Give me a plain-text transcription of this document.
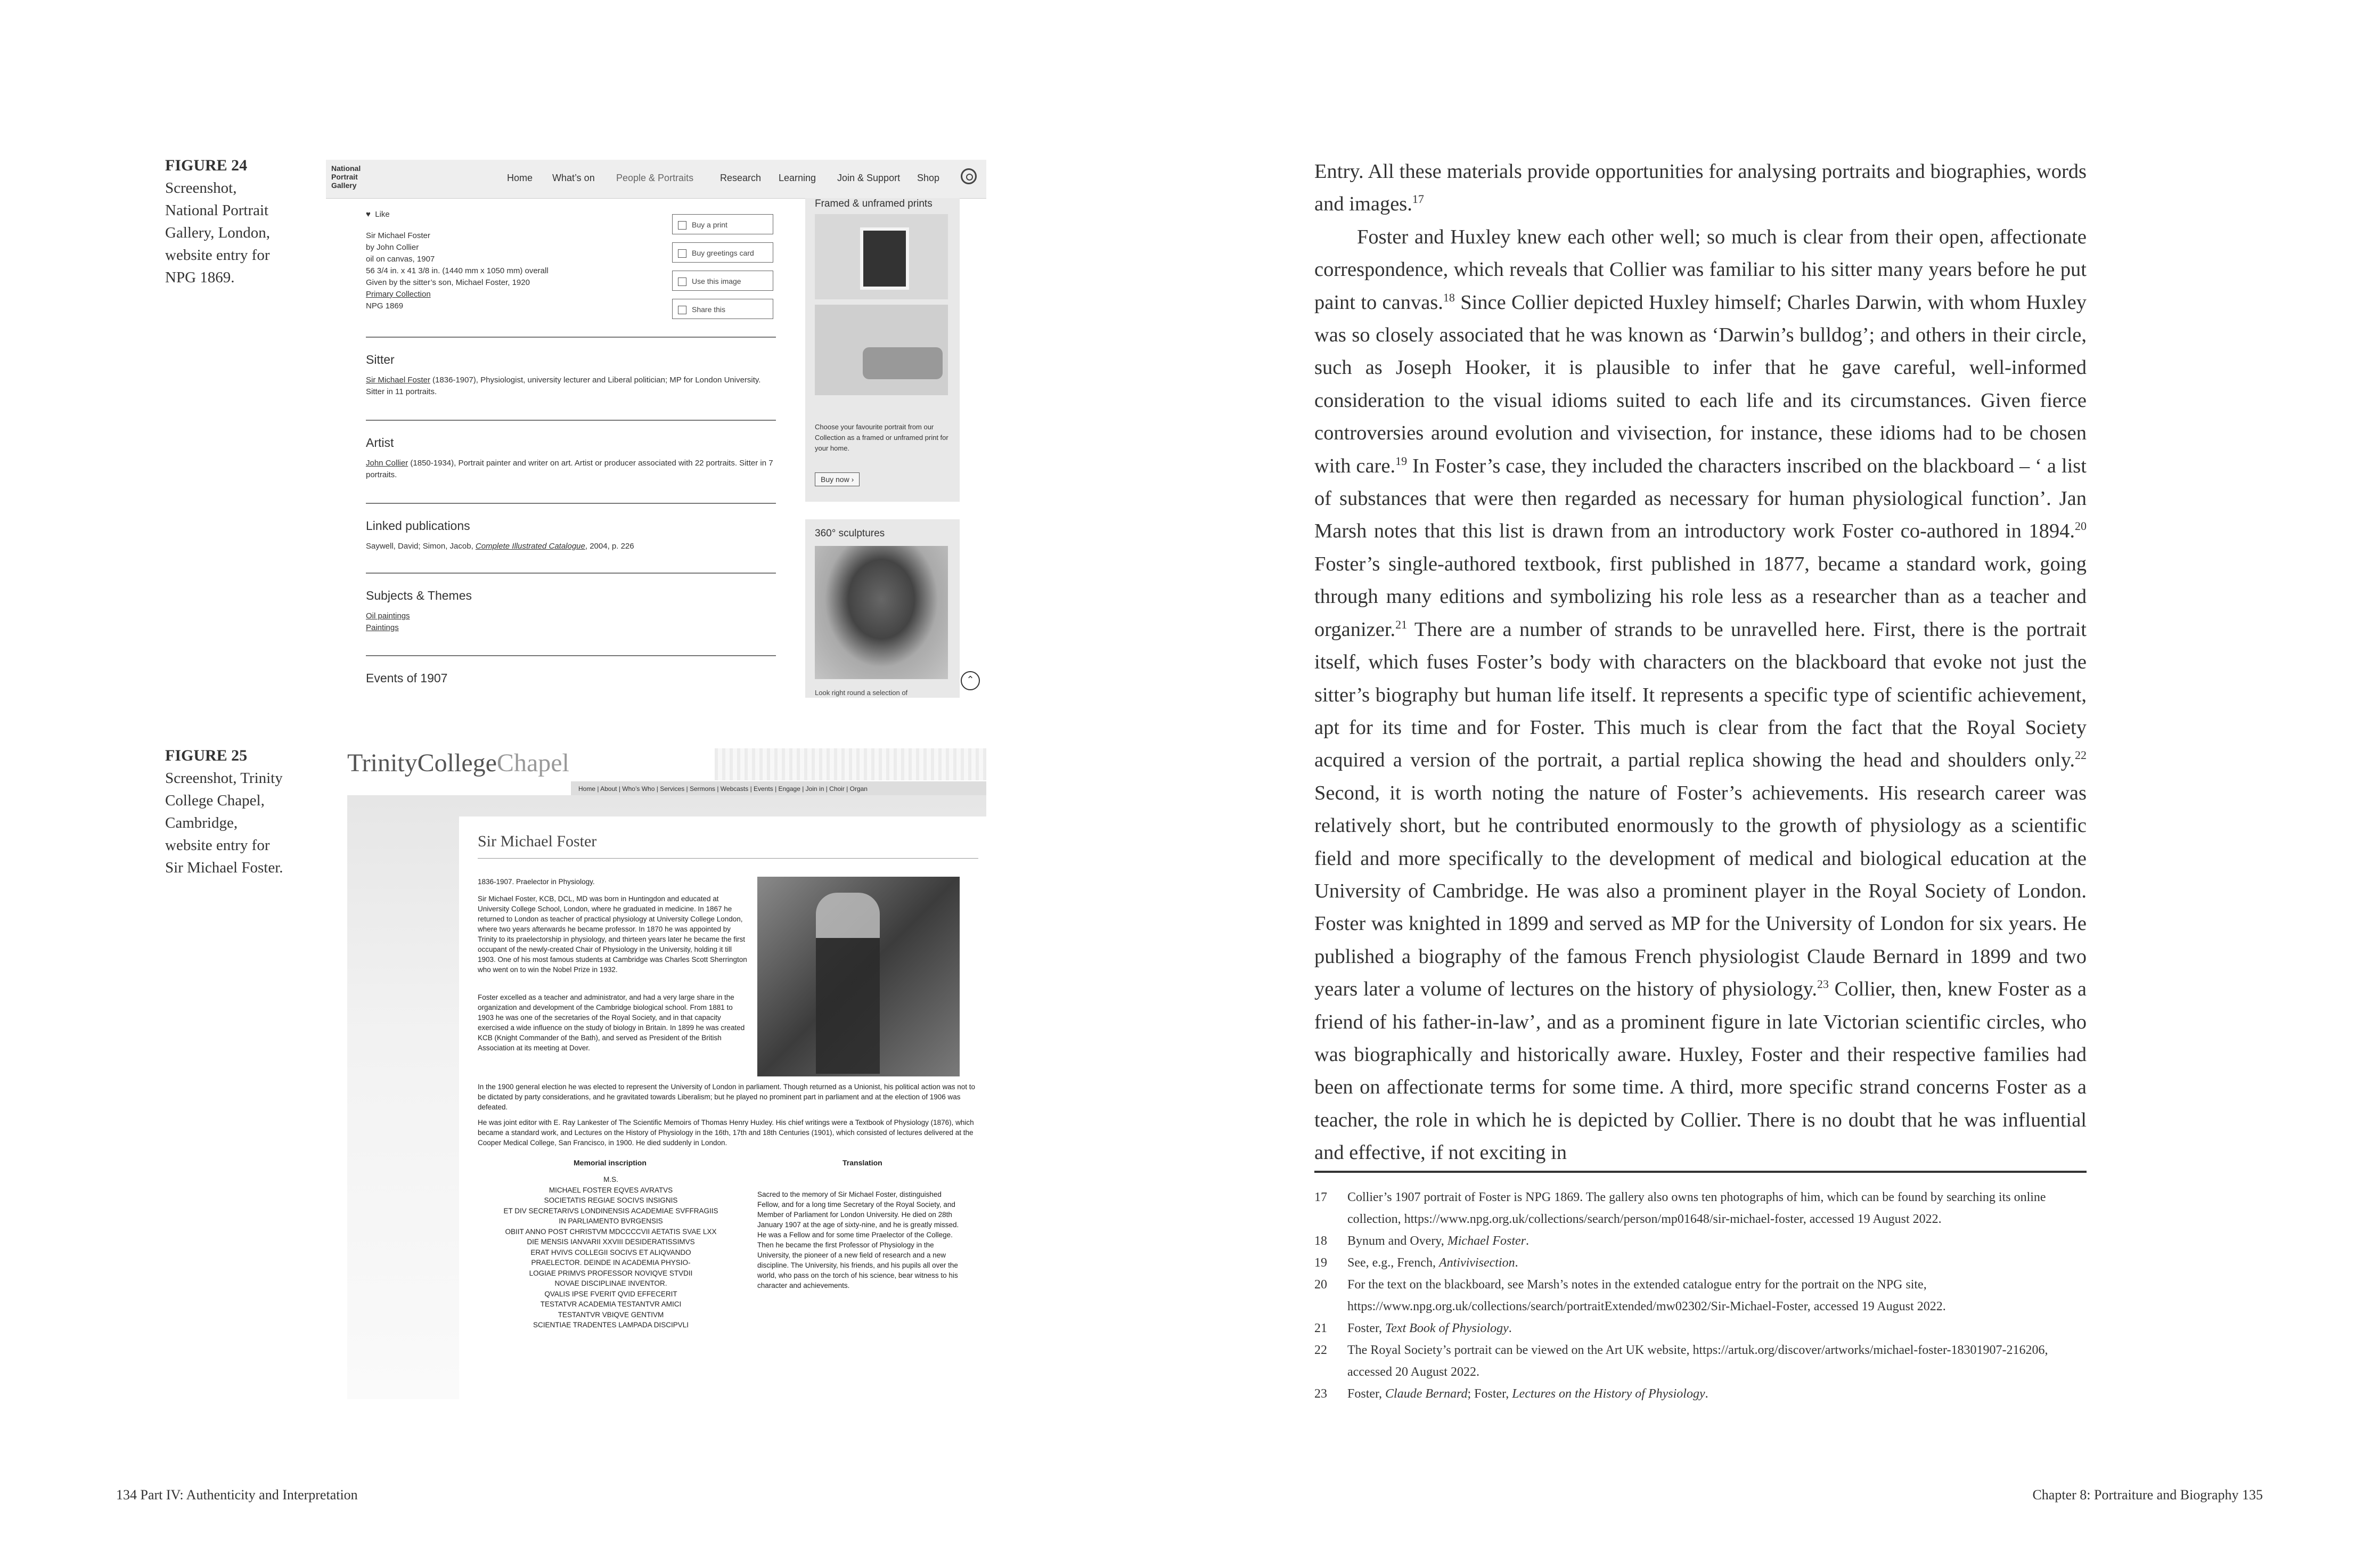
FIGURE 24
Screenshot,
National Portrait
Gallery, London,
website entry for
NPG 1869.
FIGURE 25
Screenshot, Trinity
College Chapel,
Cambridge,
website entry for
Sir Michael Foster.
National Portrait Gallery
Home What’s on People & Portraits	Research Learning Join & Support Shop
♥ Like
Sir Michael Foster
by John Collier
oil on canvas, 1907
56 3/4 in. x 41 3/8 in. (1440 mm x 1050 mm) overall
Given by the sitter’s son, Michael Foster, 1920
Primary Collection
NPG 1869
Buy a print
Buy greetings card
Use this image
Share this
Sitter
Sir Michael Foster (1836-1907), Physiologist, university lecturer and Liberal politician; MP for London University. Sitter in 11 portraits.
Artist
John Collier (1850-1934), Portrait painter and writer on art. Artist or producer associated with 22 portraits. Sitter in 7 portraits.
Linked publications
Saywell, David; Simon, Jacob, Complete Illustrated Catalogue, 2004, p. 226
Subjects & Themes
Oil paintings
Paintings
Events of 1907
Framed & unframed prints
Choose your favourite portrait from our Collection as a framed or unframed print for your home.
Buy now ›
360° sculptures
Look right round a selection of
⌃
TrinityCollegeChapel
Home | About | Who’s Who | Services | Sermons | Webcasts | Events | Engage | Join in | Choir | Organ
Sir Michael Foster

1836-1907. Praelector in Physiology.

Sir Michael Foster, KCB, DCL, MD was born in Huntingdon and educated at University College School, London, where he graduated in medicine. In 1867 he returned to London as teacher of practical physiology at University College London, where two years afterwards he became professor. In 1870 he was appointed by Trinity to its praelectorship in physiology, and thirteen years later he became the first occupant of the newly-created Chair of Physiology in the University, holding it till 1903. One of his most famous students at Cambridge was Charles Scott Sherrington who went on to win the Nobel Prize in 1932.

Foster excelled as a teacher and administrator, and had a very large share in the organization and development of the Cambridge biological school. From 1881 to 1903 he was one of the secretaries of the Royal Society, and in that capacity exercised a wide influence on the study of biology in Britain. In 1899 he was created KCB (Knight Commander of the Bath), and served as President of the British Association at its meeting at Dover.

In the 1900 general election he was elected to represent the University of London in parliament. Though returned as a Unionist, his political action was not to be dictated by party considerations, and he gravitated towards Liberalism; but he played no prominent part in parliament and at the election of 1906 was defeated.

He was joint editor with E. Ray Lankester of The Scientific Memoirs of Thomas Henry Huxley. His chief writings were a Textbook of Physiology (1876), which became a standard work, and Lectures on the History of Physiology in the 16th, 17th and 18th Centuries (1901), which consisted of lectures delivered at the Cooper Medical College, San Francisco, in 1900. He died suddenly in London.

Memorial inscription	Translation
M.S.
MICHAEL FOSTER EQVES AVRATVS
SOCIETATIS REGIAE SOCIVS INSIGNIS
ET DIV SECRETARIVS LONDINENSIS ACADEMIAE SVFFRAGIIS
IN PARLIAMENTO BVRGENSIS
OBIIT ANNO POST CHRISTVM MDCCCCVII AETATIS SVAE LXX
DIE MENSIS IANVARII XXVIII DESIDERATISSIMVS
ERAT HVIVS COLLEGII SOCIVS ET ALIQVANDO
PRAELECTOR. DEINDE IN ACADEMIA PHYSIO-
LOGIAE PRIMVS PROFESSOR NOVIQVE STVDII
NOVAE DISCIPLINAE INVENTOR.
QVALIS IPSE FVERIT QVID EFFECERIT
TESTATVR ACADEMIA TESTANTVR AMICI
TESTANTVR VBIQVE GENTIVM
SCIENTIAE TRADENTES LAMPADA DISCIPVLI

Sacred to the memory of Sir Michael Foster, distinguished Fellow, and for a long time Secretary of the Royal Society, and Member of Parliament for London University. He died on 28th January 1907 at the age of sixty-nine, and he is greatly missed. He was a Fellow and for some time Praelector of the College. Then he became the first Professor of Physiology in the University, the pioneer of a new field of research and a new discipline. The University, his friends, and his pupils all over the world, who pass on the torch of his science, bear witness to his character and achievements.

134 Part IV: Authenticity and Interpretation

Entry. All these materials provide opportunities for analysing portraits and biographies, words and images.$^{17}$

Foster and Huxley knew each other well; so much is clear from their open, affectionate correspondence, which reveals that Collier was familiar to his sitter many years before he put paint to canvas.$^{18}$ Since Collier depicted Huxley himself; Charles Darwin, with whom Huxley was so closely associated that he was known as ‘Darwin’s bulldog’; and others in their circle, such as Joseph Hooker, it is plausible to infer that he gave careful, well-informed consideration to the visual idioms suited to each life and its circumstances. Given fierce controversies around evolution and vivisection, for instance, these idioms had to be chosen with care.$^{19}$ In Foster’s case, they included the characters inscribed on the blackboard – ‘ a list of substances that were then regarded as necessary for human physiological function’. Jan Marsh notes that this list is drawn from an introductory work Foster co-authored in 1894.20 Foster’s single-authored textbook, first published in 1877, became a standard work, going through many editions and symbolizing his role less as a researcher than as a teacher and organizer.$^{21}$ There are a number of strands to be unravelled here. First, there is the portrait itself, which fuses Foster’s body with characters on the blackboard that evoke not just the sitter’s biography but human life itself. It represents a specific type of scientific achievement, apt for its time and for Foster. This much is clear from the fact that the Royal Society acquired a version of the portrait, a partial replica showing the head and shoulders only.$^{22}$ Second, it is worth noting the nature of Foster’s achievements. His research career was relatively short, but he contributed enormously to the growth of physiology as a scientific field and more specifically to the development of medical and biological education at the University of Cambridge. He was also a prominent player in the Royal Society of London. Foster was knighted in 1899 and served as MP for the University of London for six years. He published a biography of the famous French physiologist Claude Bernard in 1899 and two years later a volume of lectures on the history of physiology.$^{23}$ Collier, then, knew Foster as a friend of his father-in-law’, and as a prominent figure in late Victorian scientific circles, who was biographically and historically aware. Huxley, Foster and their respective families had been on affectionate terms for some time. A third, more specific strand concerns Foster as a teacher, the role in which he is depicted by Collier. There is no doubt that he was influential and effective, if not exciting in

17 Collier’s 1907 portrait of Foster is NPG 1869. The gallery also owns ten photographs of him, which can be found by searching its online collection, https://www.npg.org.uk/collections/search/person/mp01648/sir-michael-foster, accessed 19 August 2022.
18 Bynum and Overy, Michael Foster.
19 See, e.g., French, Antivivisection.
20 For the text on the blackboard, see Marsh’s notes in the extended catalogue entry for the portrait on the NPG site, https://www.npg.org.uk/collections/search/portraitExtended/mw02302/Sir-Michael-Foster, accessed 19 August 2022.
21 Foster, Text Book of Physiology.
22 The Royal Society’s portrait can be viewed on the Art UK website, https://artuk.org/discover/artworks/michael-foster-18301907-216206, accessed 20 August 2022.
23 Foster, Claude Bernard; Foster, Lectures on the History of Physiology.
Chapter 8: Portraiture and Biography 135
